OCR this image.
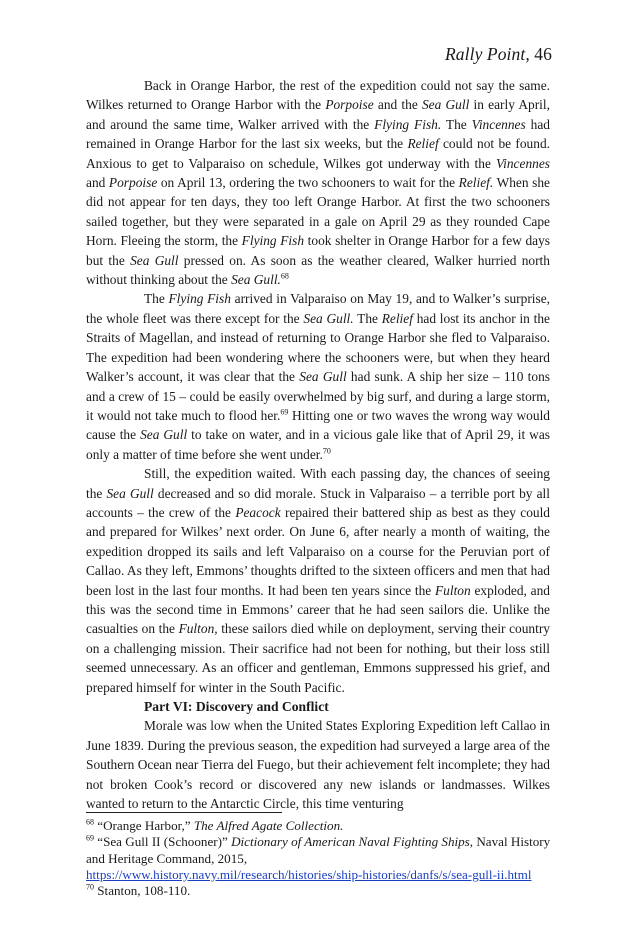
Rally Point, 46

Back in Orange Harbor, the rest of the expedition could not say the same. Wilkes returned to Orange Harbor with the Porpoise and the Sea Gull in early April, and around the same time, Walker arrived with the Flying Fish. The Vincennes had remained in Orange Harbor for the last six weeks, but the Relief could not be found. Anxious to get to Valparaiso on schedule, Wilkes got underway with the Vincennes and Porpoise on April 13, ordering the two schooners to wait for the Relief. When she did not appear for ten days, they too left Orange Harbor. At first the two schooners sailed together, but they were separated in a gale on April 29 as they rounded Cape Horn. Fleeing the storm, the Flying Fish took shelter in Orange Harbor for a few days but the Sea Gull pressed on. As soon as the weather cleared, Walker hurried north without thinking about the Sea Gull.$^{68}$

The Flying Fish arrived in Valparaiso on May 19, and to Walker’s surprise, the whole fleet was there except for the Sea Gull. The Relief had lost its anchor in the Straits of Magellan, and instead of returning to Orange Harbor she fled to Valparaiso. The expedition had been wondering where the schooners were, but when they heard Walker’s account, it was clear that the Sea Gull had sunk. A ship her size – 110 tons and a crew of 15 – could be easily overwhelmed by big surf, and during a large storm, it would not take much to flood her.$^{69}$ Hitting one or two waves the wrong way would cause the Sea Gull to take on water, and in a vicious gale like that of April 29, it was only a matter of time before she went under.$^{70}$

Still, the expedition waited. With each passing day, the chances of seeing the Sea Gull decreased and so did morale. Stuck in Valparaiso – a terrible port by all accounts – the crew of the Peacock repaired their battered ship as best as they could and prepared for Wilkes’ next order. On June 6, after nearly a month of waiting, the expedition dropped its sails and left Valparaiso on a course for the Peruvian port of Callao. As they left, Emmons’ thoughts drifted to the sixteen officers and men that had been lost in the last four months. It had been ten years since the Fulton exploded, and this was the second time in Emmons’ career that he had seen sailors die. Unlike the casualties on the Fulton, these sailors died while on deployment, serving their country on a challenging mission. Their sacrifice had not been for nothing, but their loss still seemed unnecessary. As an officer and gentleman, Emmons suppressed his grief, and prepared himself for winter in the South Pacific.

Part VI: Discovery and Conflict

Morale was low when the United States Exploring Expedition left Callao in June 1839. During the previous season, the expedition had surveyed a large area of the Southern Ocean near Tierra del Fuego, but their achievement felt incomplete; they had not broken Cook’s record or discovered any new islands or landmasses. Wilkes wanted to return to the Antarctic Circle, this time venturing

$^{68}$ “Orange Harbor,” The Alfred Agate Collection.
$^{69}$ “Sea Gull II (Schooner)” Dictionary of American Naval Fighting Ships, Naval History and Heritage Command, 2015,
https://www.history.navy.mil/research/histories/ship-histories/danfs/s/sea-gull-ii.html
$^{70}$ Stanton, 108-110.
